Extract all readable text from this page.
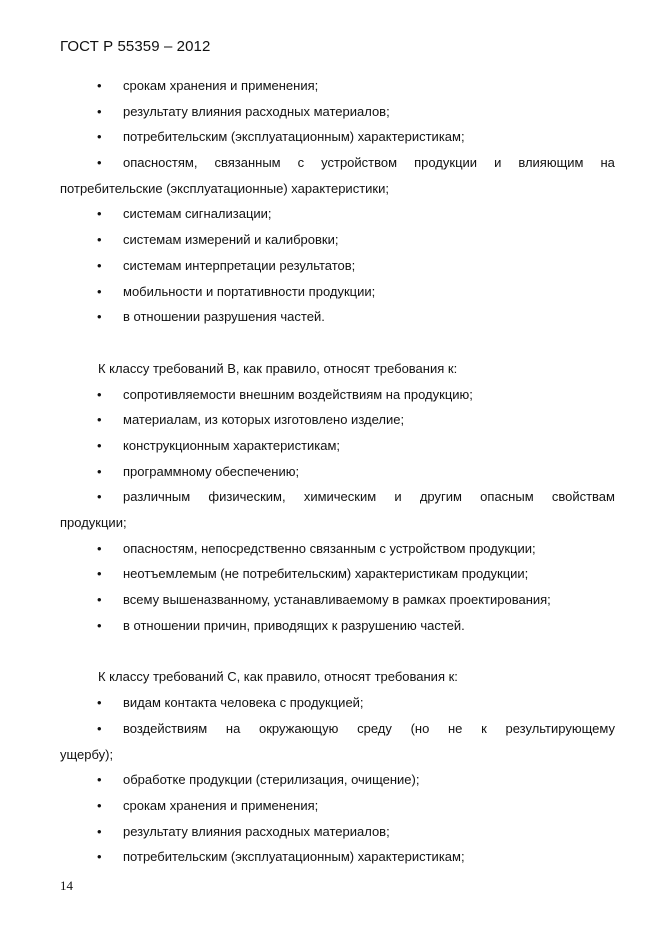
ГОСТ Р 55359 – 2012
• срокам хранения и применения;
• результату влияния расходных материалов;
• потребительским (эксплуатационным) характеристикам;
• опасностям, связанным с устройством продукции и влияющим на
потребительские (эксплуатационные) характеристики;
• системам сигнализации;
• системам измерений и калибровки;
• системам интерпретации результатов;
• мобильности и портативности продукции;
• в отношении разрушения частей.
К классу требований В, как правило, относят требования к:
• сопротивляемости внешним воздействиям на продукцию;
• материалам, из которых изготовлено изделие;
• конструкционным характеристикам;
• программному обеспечению;
• различным физическим, химическим и другим опасным свойствам
продукции;
• опасностям, непосредственно связанным с устройством продукции;
• неотъемлемым (не потребительским) характеристикам продукции;
• всему вышеназванному, устанавливаемому в рамках проектирования;
• в отношении причин, приводящих к разрушению частей.
К классу требований С, как правило, относят требования к:
• видам контакта человека с продукцией;
• воздействиям на окружающую среду (но не к результирующему
ущербу);
• обработке продукции (стерилизация, очищение);
• срокам хранения и применения;
• результату влияния расходных материалов;
• потребительским (эксплуатационным) характеристикам;
14
